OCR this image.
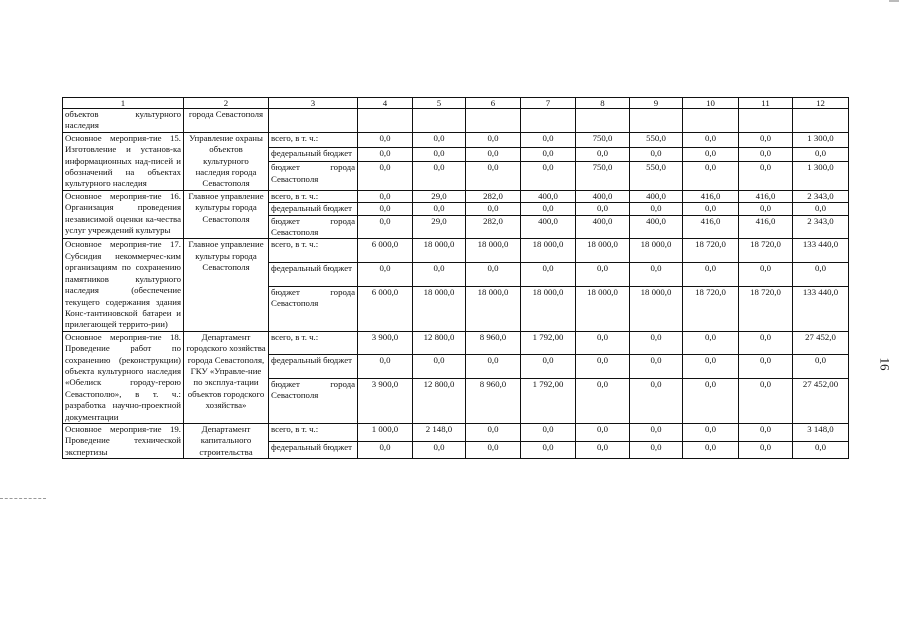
16
1	2	3	4	5	6	7	8	9	10	11	12
объектов культурного наследия	города Севастополя										
Основное мероприя-тие 15. Изготовление и установ-ка информационных над-писей и обозначений на объектах культурного наследия	Управление охраны объектов культурного наследия города Севастополя	всего, в т. ч.:	0,0	0,0	0,0	0,0	750,0	550,0	0,0	0,0	1 300,0
		федеральный бюджет	0,0	0,0	0,0	0,0	0,0	0,0	0,0	0,0	0,0
		бюджет города Севастополя	0,0	0,0	0,0	0,0	750,0	550,0	0,0	0,0	1 300,0
Основное мероприя-тие 16. Организация проведения независимой оценки ка-чества услуг учреждений культуры	Главное управление культуры города Севастополя	всего, в т. ч.:	0,0	29,0	282,0	400,0	400,0	400,0	416,0	416,0	2 343,0
		федеральный бюджет	0,0	0,0	0,0	0,0	0,0	0,0	0,0	0,0	0,0
		бюджет города Севастополя	0,0	29,0	282,0	400,0	400,0	400,0	416,0	416,0	2 343,0
Основное мероприя-тие 17. Субсидия некоммерчес-ким организациям по сохранению памятников культурного наследия (обеспечение текущего содержания здания Конс-тантиновской батареи и прилегающей террито-рии)	Главное управление культуры города Севастополя	всего, в т. ч.:	6 000,0	18 000,0	18 000,0	18 000,0	18 000,0	18 000,0	18 720,0	18 720,0	133 440,0
		федеральный бюджет	0,0	0,0	0,0	0,0	0,0	0,0	0,0	0,0	0,0
		бюджет города Севастополя	6 000,0	18 000,0	18 000,0	18 000,0	18 000,0	18 000,0	18 720,0	18 720,0	133 440,0
Основное мероприя-тие 18. Проведение работ по сохранению (реконструкции) объекта культурного наследия «Обелиск городу-герою Севастополю», в т. ч.: разработка научно-проектной документации	Департамент городского хозяйства города Севастополя, ГКУ «Управле-ние по эксплуа-тации объектов городского хозяйства»	всего, в т. ч.:	3 900,0	12 800,0	8 960,0	1 792,00	0,0	0,0	0,0	0,0	27 452,0
		федеральный бюджет	0,0	0,0	0,0	0,0	0,0	0,0	0,0	0,0	0,0
		бюджет города Севастополя	3 900,0	12 800,0	8 960,0	1 792,00	0,0	0,0	0,0	0,0	27 452,00
Основное мероприя-тие 19. Проведение технической экспертизы	Департамент капитального строительства	всего, в т. ч.:	1 000,0	2 148,0	0,0	0,0	0,0	0,0	0,0	0,0	3 148,0
		федеральный бюджет	0,0	0,0	0,0	0,0	0,0	0,0	0,0	0,0	0,0
